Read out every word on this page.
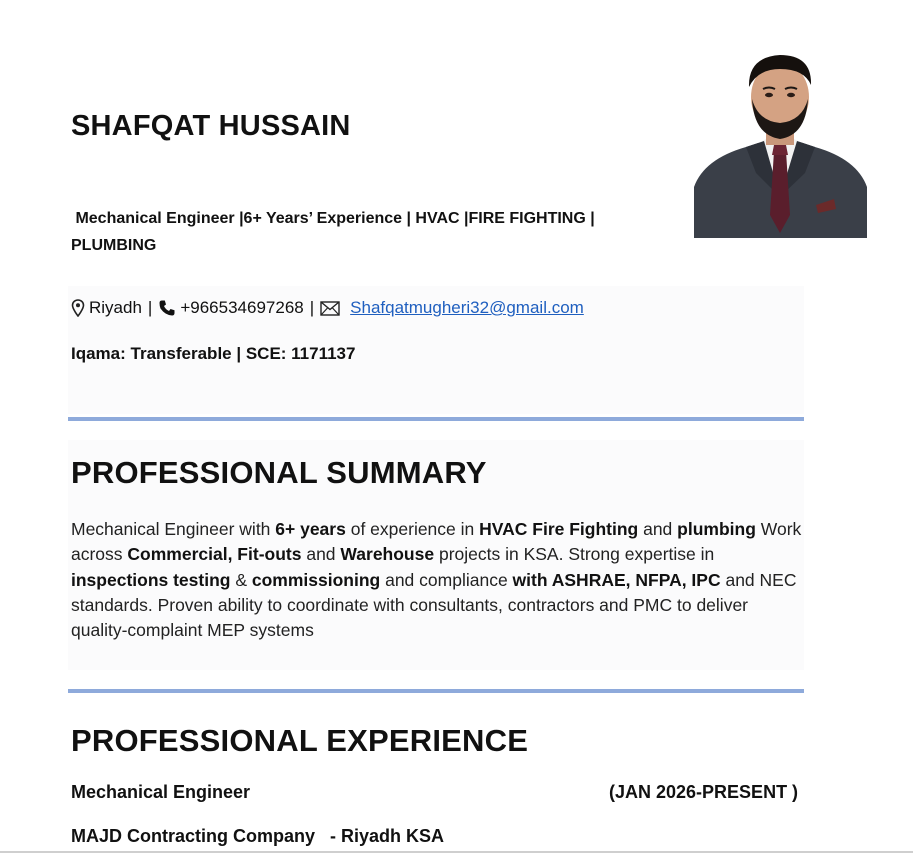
SHAFQAT HUSSAIN
Mechanical Engineer |6+ Years’ Experience | HVAC |FIRE FIGHTING | PLUMBING
Riyadh | +966534697268 | Shafqatmugheri32@gmail.com
Iqama: Transferable | SCE: 1171137
PROFESSIONAL SUMMARY
Mechanical Engineer with 6+ years of experience in HVAC Fire Fighting and plumbing Work across Commercial, Fit-outs and Warehouse projects in KSA. Strong expertise in inspections testing & commissioning and compliance with ASHRAE, NFPA, IPC and NEC standards. Proven ability to coordinate with consultants, contractors and PMC to deliver quality-complaint MEP systems
PROFESSIONAL EXPERIENCE
Mechanical Engineer	(JAN 2026-PRESENT )
MAJD Contracting Company   - Riyadh KSA
